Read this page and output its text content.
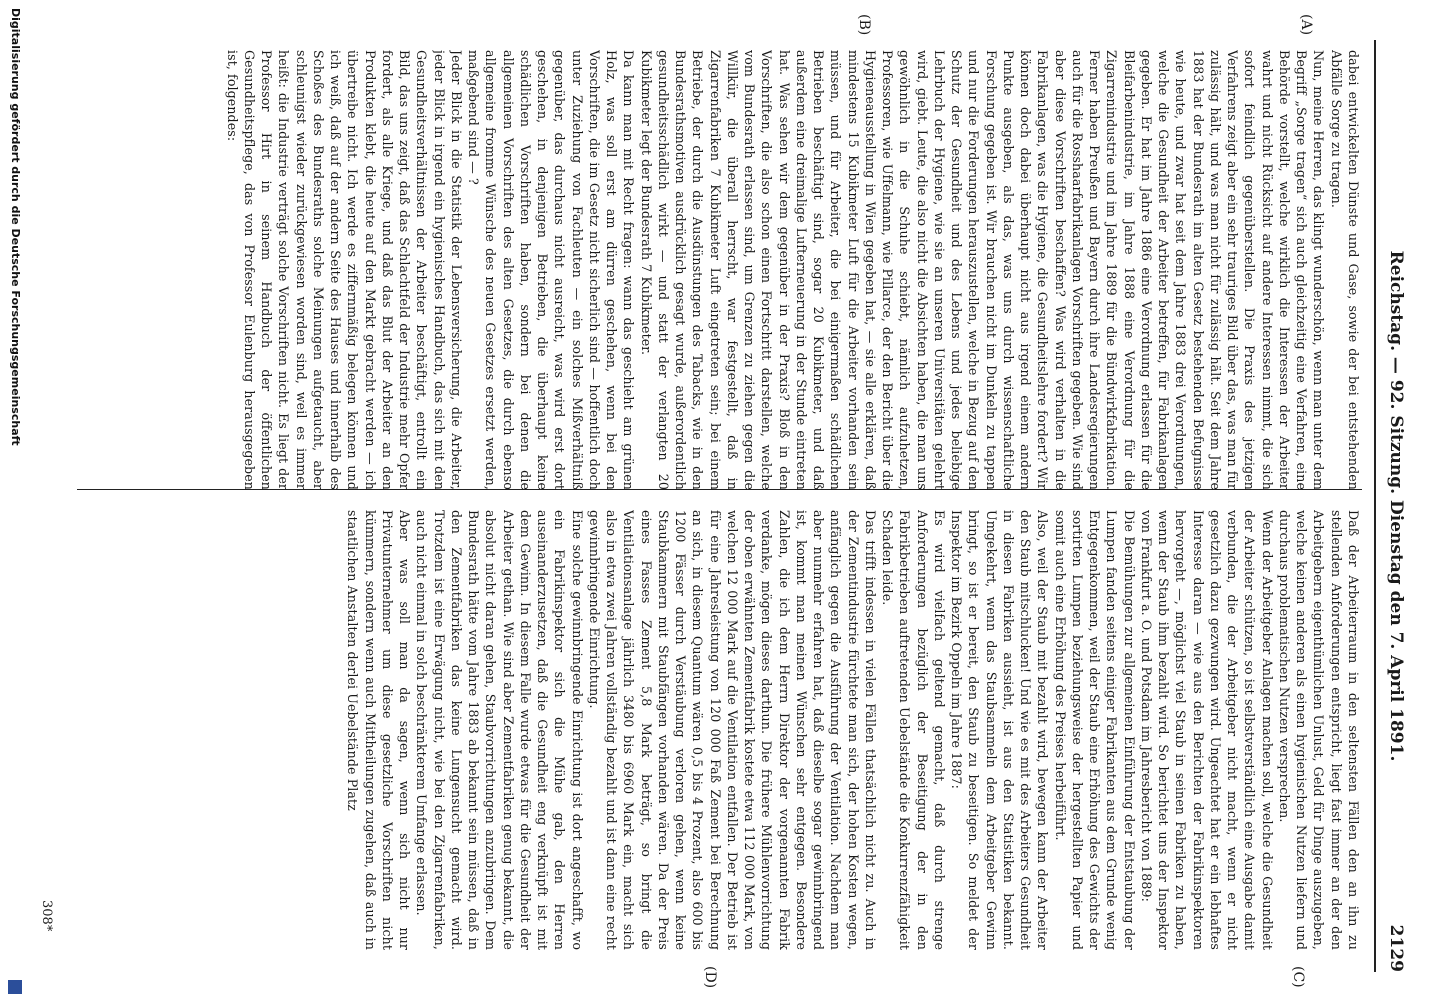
Reichstag. — 92. Sitzung. Dienstag den 7. April 1891.
2129
(A)
(B)
(C)
(D)
dabei entwickelten Dünste und Gase, sowie der bei entstehenden Abfälle Sorge zu tragen.
Nun, meine Herren, das klingt wunderschön, wenn man unter dem Begriff „Sorge tragen“ sich auch gleichzeitig eine Verfahren, eine Behörde vorstellt, welche wirklich die Interessen der Arbeiter wahrt und nicht Rücksicht auf andere Interessen nimmt, die sich sofort feindlich gegenüberstellen. Die Praxis des jetzigen Verfahrens zeigt aber ein sehr trauriges Bild über das, was man für zulässig hält, und was man nicht für zulässig hält. Seit dem Jahre 1883 hat der Bundesrath im alten Gesetz bestehenden Befugnisse wie heute, und zwar hat seit dem Jahre 1883 drei Verordnungen, welche die Gesundheit der Arbeiter betreffen, für Fabrikanlagen gegeben. Er hat im Jahre 1886 eine Verordnung erlassen für die Bleifarbenindustrie, im Jahre 1888 eine Verordnung für die Zigarrenindustrie und im Jahre 1889 für die Bündwirkfabrikation. Ferner haben Preußen und Bayern durch ihre Landesregierungen auch für die Rosshaarfabrikanlagen Vorschriften gegeben. Wie sind aber diese Vorschriften beschaffen? Was wird verhalten in die Fabrikanlagen, was die Hygiene, die Gesundheitslehre fordert? Wir können doch dabei überhaupt nicht aus irgend einem andern Punkte ausgeben, als das, was uns durch wissenschaftliche Forschung gegeben ist. Wir brauchen nicht im Dunkeln zu tappen und nur die Forderungen herauszustellen, welche in Bezug auf den Schutz der Gesundheit und des Lebens und jedes beliebige Lehrbuch der Hygiene, wie sie an unseren Universitäten gelehrt wird, giebt. Leute, die also nicht die Absichten haben, die man uns gewöhnlich in die Schuhe schiebt, nämlich aufzuhetzen, Professoren, wie Uffelmann, wie Pillarce, der den Bericht über die Hygieneausstellung in Wien gegeben hat, — sie alle erklären, daß mindestens 15 Kubikmeter Luft für die Arbeiter vorhanden sein müssen, und für Arbeiter, die bei einigermaßen schädlichen Betrieben beschäftigt sind, sogar 20 Kubikmeter, und daß außerdem eine dreimalige Lufterneuerung in der Stunde eintreten hat. Was sehen wir dem gegenüber in der Praxis? Bloß in den Vorschriften, die also schon einen Fortschritt darstellen, welche vom Bundesrath erlassen sind, um Grenzen zu ziehen gegen die Willkür, die überall herrscht, war festgestellt, daß in Zigarrenfabriken 7 Kubikmeter Luft eingetreten sein; bei einem Betriebe, der durch die Ausdünstungen des Tabacks, wie in den Bundesrathsmotiven ausdrücklich gesagt wurde, außerordentlich gesundheitsschädlich wirkt — und statt der verlangten 20 Kubikmeter legt der Bundesrath 7 Kubikmeter.
Da kann man mit Recht fragen: wann das geschieht am grünen Holz, was soll erst am dürren geschehen, wenn bei den Vorschriften, die im Gesetz nicht sicherlich sind — hoffentlich doch unter Zuziehung von Fachleuten — ein solches Mißverhältniß gegenüber, das durchaus nicht ausreicht, was wird erst dort geschehen, in denjenigen Betrieben, die überhaupt keine schädlichen Vorschriften haben, sondern bei denen die allgemeinen Vorschriften des alten Gesetzes, die durch ebenso allgemeine fromme Wünsche des neuen Gesetzes ersetzt werden, maßgebend sind — ?
Jeder Blick in die Statistik der Lebensversicherung, die Arbeiter, jeder Blick in irgend ein hygienisches Handbuch, das sich mit den Gesundheitsverhältnissen der Arbeiter beschäftigt, entrollt ein Bild, das uns zeigt, daß das Schlachtfeld der Industrie mehr Opfer fordert, als alle Kriege, und daß das Blut der Arbeiter an den Produkten klebt, die heute auf den Markt gebracht werden — ich übertreibe nicht. Ich werde es ziffernmäßig belegen können und ich weiß, daß auf der andern Seite des Hauses und innerhalb des Schoßes des Bundesraths solche Meinungen aufgetaucht, aber schleunigst wieder zurückgewiesen worden sind, weil es immer heißt: die Industrie verträgt solche Vorschriften nicht. Es liegt der Professor Hirt in seinem Handbuch der öffentlichen Gesundheitspflege, das von Professor Eulenburg herausgegeben ist, folgendes:
Daß der Arbeiterraum in den seltensten Fällen den an ihn zu stellenden Anforderungen entspricht, liegt fast immer an der den Arbeitgebern eigenthümlichen Unlust, Geld für Dinge auszugeben, welche keinen anderen als einen hygienischen Nutzen liefern und durchaus problematischen Nutzen versprechen.
Wenn der Arbeitgeber Anlagen machen soll, welche die Gesundheit der Arbeiter schützen, so ist selbstverständlich eine Ausgabe damit verbunden, die der Arbeitgeber nicht macht, wenn er nicht gesetzlich dazu gezwungen wird. Ungeachtet hat er ein lebhaftes Interesse daran — wie aus den Berichten der Fabrikinspektoren hervorgeht —, möglichst viel Staub in seinen Fabriken zu haben, wenn der Staub ihm bezahlt wird. So berichtet uns der Inspektor von Frankfurt a. O. und Potsdam im Jahresbericht von 1889:
Die Bemühungen zur allgemeinen Einführung der Entstaubung der Lumpen fanden seitens einiger Fabrikanten aus dem Grunde wenig Entgegenkommen, weil der Staub eine Erhöhung des Gewichts der sortirten Lumpen beziehungsweise der hergestellten Papier und somit auch eine Erhöhung des Preises herbeiführt.
Also, weil der Staub mit bezahlt wird, bewegen kann der Arbeiter den Staub mitschlucken! Und wie es mit des Arbeiters Gesundheit in diesen Fabriken aussieht, ist aus den Statistiken bekannt. Umgekehrt, wenn das Staubsammeln dem Arbeitgeber Gewinn bringt, so ist er bereit, den Staub zu beseitigen. So meldet der Inspektor im Bezirk Oppeln im Jahre 1887:
Es wird vielfach geltend gemacht, daß durch strenge Anforderungen bezüglich der Beseitigung der in den Fabrikbetrieben auftretenden Uebelstände die Konkurrenzfähigkeit Schaden leide.
Das trifft indessen in vielen Fällen thatsächlich nicht zu. Auch in der Zementindustrie fürchtete man sich, der hohen Kosten wegen, anfänglich gegen die Ausführung der Ventilation. Nachdem man aber nunmehr erfahren hat, daß dieselbe sogar gewinnbringend ist, kommt man meinen Wünschen sehr entgegen. Besondere Zahlen, die ich dem Herrn Direktor der vorgenannten Fabrik verdanke, mögen dieses darthun. Die frühere Mühlenvorrichtung der oben erwähnten Zementfabrik kostete etwa 112 000 Mark, von welchen 12 000 Mark auf die Ventilation entfallen. Der Betrieb ist für eine Jahresleistung von 120 000 Faß Zement bei Berechnung an sich, in diesem Quantum wären 0,5 bis 4 Prozent, also 600 bis 1200 Fässer durch Verstäubung verloren gehen, wenn keine Staubkammern mit Staubfängen vorhanden wären. Da der Preis eines Fasses Zement 5,8 Mark beträgt, so bringt die Ventilationsanlage jährlich 3480 bis 6960 Mark ein, macht sich also in etwa zwei Jahren vollständig bezahlt und ist dann eine recht gewinnbringende Einrichtung.
Eine solche gewinnbringende Einrichtung ist dort angeschafft, wo ein Fabrikinspektor sich die Mühe gab, den Herren auseinanderzusetzen, daß die Gesundheit eng verknüpft ist mit dem Gewinn. In diesem Falle wurde etwas für die Gesundheit der Arbeiter gethan. Wie sind aber Zementfabriken genug bekannt, die absolut nicht daran gehen, Staubvorrichtungen anzubringen. Dem Bundesrath hätte vom Jahre 1883 ab bekannt sein müssen, daß in den Zementfabriken das keine Lungensucht gemacht wird. Trotzdem ist eine Erwägung nicht, wie bei den Zigarrenfabriken, auch nicht einmal in solch beschränkterem Umfange erlassen.
Aber was soll man da sagen, wenn sich nicht nur Privatunternehmer um diese gesetzliche Vorschriften nicht kümmern, sondern wenn auch Mittheilungen zugehen, daß auch in staatlichen Anstalten derlei Uebelstände Platz
308*
Digitalisierung gefördert durch die Deutsche Forschungsgemeinschaft
